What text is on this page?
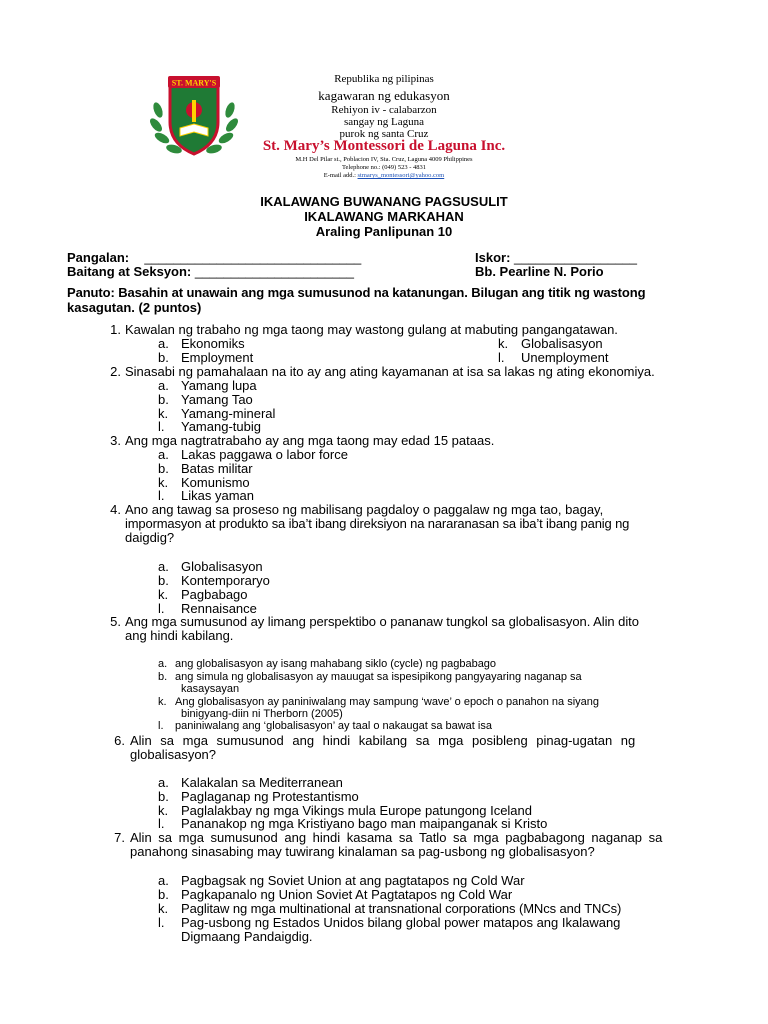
ST. MARY'S	Republika ng pilipinas
kagawaran ng edukasyon
Rehiyon iv - calabarzon
sangay ng Laguna
purok ng santa Cruz
St. Mary’s Montessori de Laguna Inc.
M.H Del Pilar st., Poblacion IV, Sta. Cruz, Laguna 4009 Philippines
Telephone no.: (049) 523 - 4831
E-mail add.: stmarys_montessori@yahoo.com
IKALAWANG BUWANANG PAGSUSULIT
IKALAWANG MARKAHAN
Araling Panlipunan 10
Pangalan: ______________________________	Iskor: _________________
Baitang at Seksyon: ______________________	Bb. Pearline N. Porio
Panuto: Basahin at unawain ang mga sumusunod na katanungan. Bilugan ang titik ng wastong
kasagutan. (2 puntos)
1. Kawalan ng trabaho ng mga taong may wastong gulang at mabuting pangangatawan.
a. Ekonomiks
b. Employment
k. Globalisasyon
l. Unemployment
2. Sinasabi ng pamahalaan na ito ay ang ating kayamanan at isa sa lakas ng ating ekonomiya.
a. Yamang lupa
b. Yamang Tao
k. Yamang-mineral
l. Yamang-tubig
3. Ang mga nagtratrabaho ay ang mga taong may edad 15 pataas.
a. Lakas paggawa o labor force
b. Batas militar
k. Komunismo
l. Likas yaman
4. Ano ang tawag sa proseso ng mabilisang pagdaloy o paggalaw ng mga tao, bagay,
impormasyon at produkto sa iba’t ibang direksiyon na nararanasan sa iba’t ibang panig ng
daigdig?
a. Globalisasyon
b. Kontemporaryo
k. Pagbabago
l. Rennaisance
5. Ang mga sumusunod ay limang perspektibo o pananaw tungkol sa globalisasyon. Alin dito
ang hindi kabilang.
a. ang globalisasyon ay isang mahabang siklo (cycle) ng pagbabago
b. ang simula ng globalisasyon ay mauugat sa ispesipikong pangyayaring naganap sa
kasaysayan
k. Ang globalisasyon ay paniniwalang may sampung ‘wave’ o epoch o panahon na siyang
binigyang-diin ni Therborn (2005)
l. paniniwalang ang ‘globalisasyon’ ay taal o nakaugat sa bawat isa
6. Alin sa mga sumusunod ang hindi kabilang sa mga posibleng pinag-ugatan ng
globalisasyon?
a. Kalakalan sa Mediterranean
b. Paglaganap ng Protestantismo
k. Paglalakbay ng mga Vikings mula Europe patungong Iceland
l. Pananakop ng mga Kristiyano bago man maipanganak si Kristo
7. Alin sa mga sumusunod ang hindi kasama sa Tatlo sa mga pagbabagong naganap sa
panahong sinasabing may tuwirang kinalaman sa pag-usbong ng globalisasyon?
a. Pagbagsak ng Soviet Union at ang pagtatapos ng Cold War
b. Pagkapanalo ng Union Soviet At Pagtatapos ng Cold War
k. Paglitaw ng mga multinational at transnational corporations (MNcs and TNCs)
l. Pag-usbong ng Estados Unidos bilang global power matapos ang Ikalawang
Digmaang Pandaigdig.
